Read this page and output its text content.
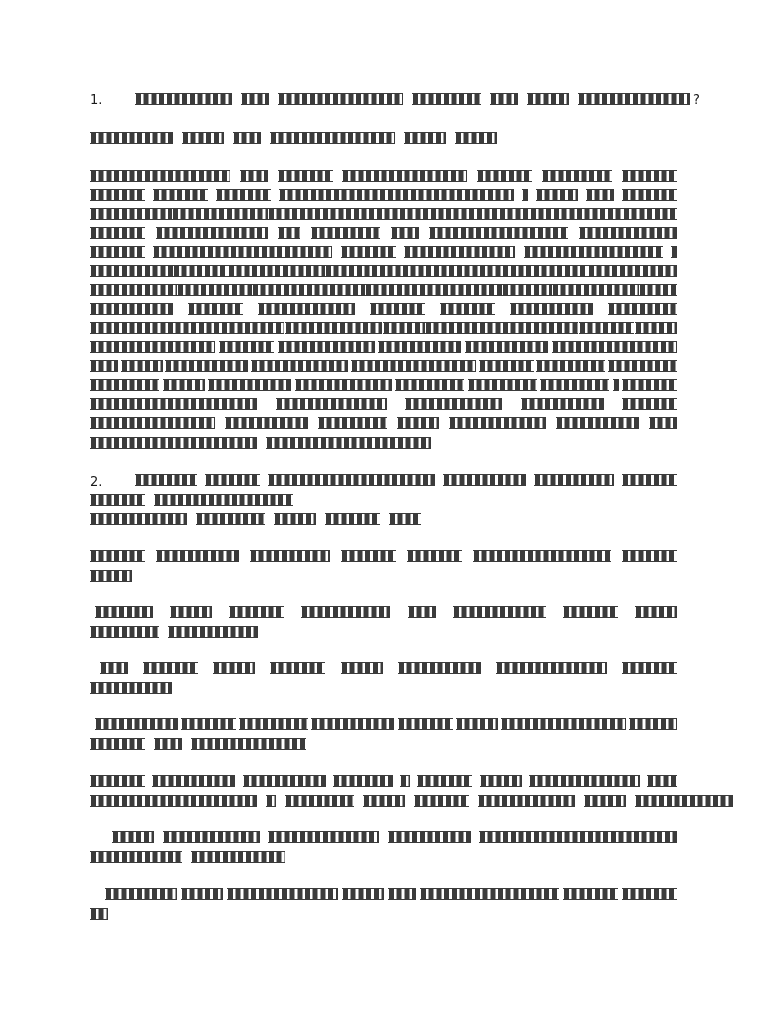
1.	?
2.
